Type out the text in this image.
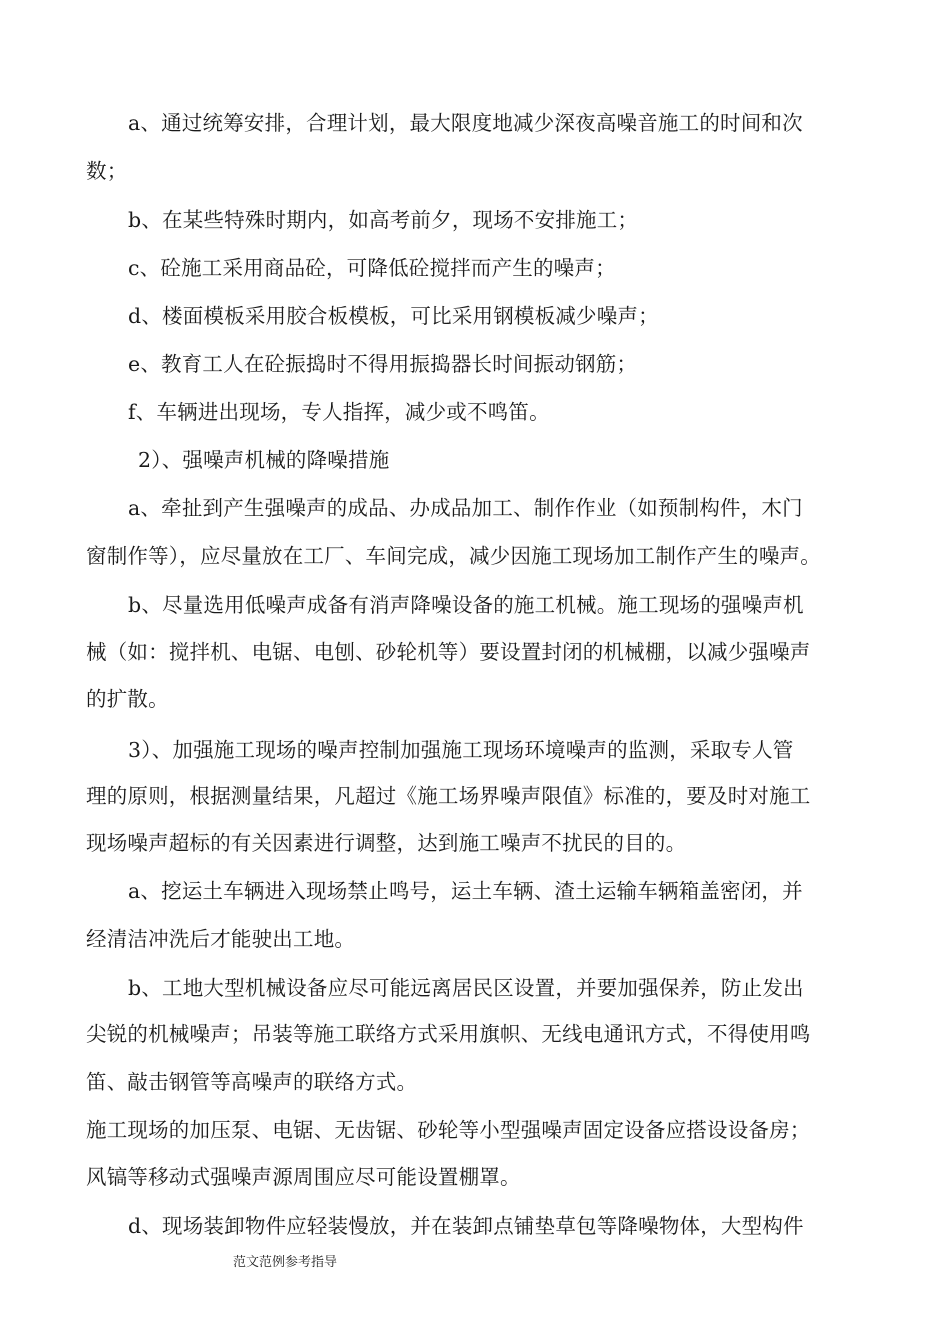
a、通过统筹安排，合理计划，最大限度地减少深夜高噪音施工的时间和次
数；
b、在某些特殊时期内，如高考前夕，现场不安排施工；
c、砼施工采用商品砼，可降低砼搅拌而产生的噪声；
d、楼面模板采用胶合板模板，可比采用钢模板减少噪声；
e、教育工人在砼振捣时不得用振捣器长时间振动钢筋；
f、车辆进出现场，专人指挥，减少或不鸣笛。
2）、强噪声机械的降噪措施
a、牵扯到产生强噪声的成品、办成品加工、制作作业（如预制构件，木门
窗制作等），应尽量放在工厂、车间完成，减少因施工现场加工制作产生的噪声。
b、尽量选用低噪声成备有消声降噪设备的施工机械。施工现场的强噪声机
械（如：搅拌机、电锯、电刨、砂轮机等）要设置封闭的机械棚，以减少强噪声
的扩散。
3）、加强施工现场的噪声控制加强施工现场环境噪声的监测，采取专人管
理的原则，根据测量结果，凡超过《施工场界噪声限值》标准的，要及时对施工
现场噪声超标的有关因素进行调整，达到施工噪声不扰民的目的。
a、挖运土车辆进入现场禁止鸣号，运土车辆、渣土运输车辆箱盖密闭，并
经清洁冲洗后才能驶出工地。
b、工地大型机械设备应尽可能远离居民区设置，并要加强保养，防止发出
尖锐的机械噪声；吊装等施工联络方式采用旗帜、无线电通讯方式，不得使用鸣
笛、敲击钢管等高噪声的联络方式。
施工现场的加压泵、电锯、无齿锯、砂轮等小型强噪声固定设备应搭设设备房；
风镐等移动式强噪声源周围应尽可能设置棚罩。
d、现场装卸物件应轻装慢放，并在装卸点铺垫草包等降噪物体，大型构件
范文范例参考指导
